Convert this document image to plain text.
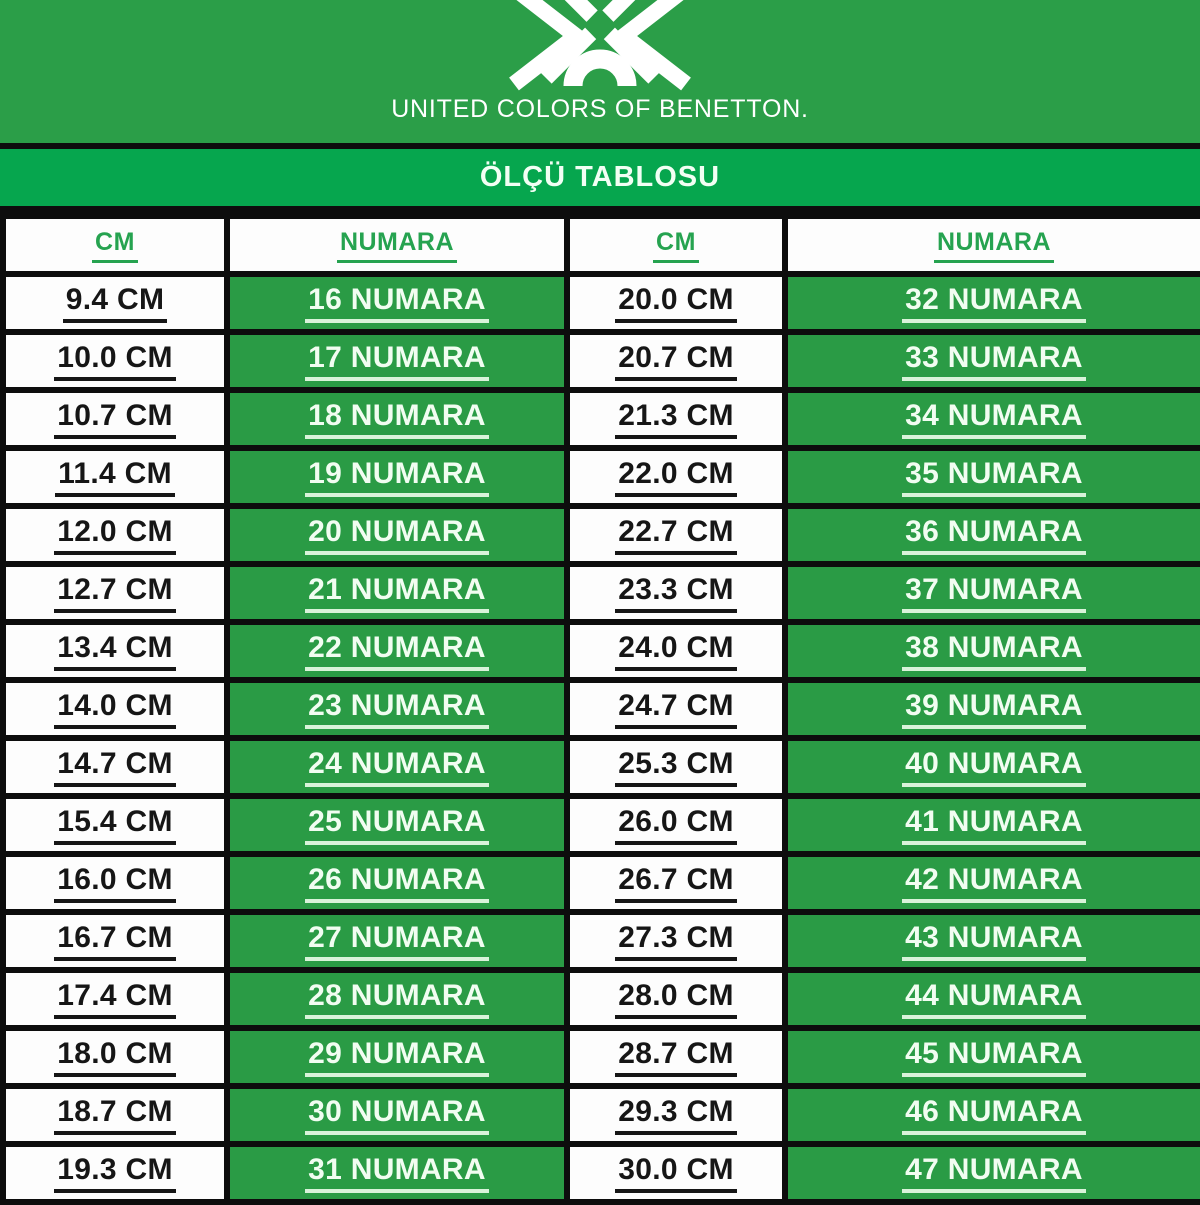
UNITED COLORS OF BENETTON.
ÖLÇÜ TABLOSU
CM	NUMARA	CM	NUMARA
9.4 CM	16 NUMARA	20.0 CM	32 NUMARA
10.0 CM	17 NUMARA	20.7 CM	33 NUMARA
10.7 CM	18 NUMARA	21.3 CM	34 NUMARA
11.4 CM	19 NUMARA	22.0 CM	35 NUMARA
12.0 CM	20 NUMARA	22.7 CM	36 NUMARA
12.7 CM	21 NUMARA	23.3 CM	37 NUMARA
13.4 CM	22 NUMARA	24.0 CM	38 NUMARA
14.0 CM	23 NUMARA	24.7 CM	39 NUMARA
14.7 CM	24 NUMARA	25.3 CM	40 NUMARA
15.4 CM	25 NUMARA	26.0 CM	41 NUMARA
16.0 CM	26 NUMARA	26.7 CM	42 NUMARA
16.7 CM	27 NUMARA	27.3 CM	43 NUMARA
17.4 CM	28 NUMARA	28.0 CM	44 NUMARA
18.0 CM	29 NUMARA	28.7 CM	45 NUMARA
18.7 CM	30 NUMARA	29.3 CM	46 NUMARA
19.3 CM	31 NUMARA	30.0 CM	47 NUMARA
